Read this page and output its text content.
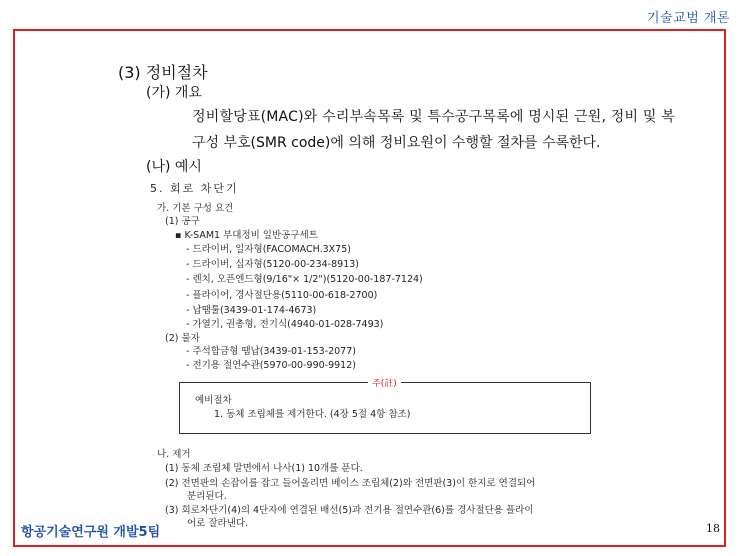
기술교범 개론
(3) 정비절차
(가) 개요
정비할당표(MAC)와 수리부속목록 및 특수공구목록에 명시된 근원, 정비 및 복
구성 부호(SMR code)에 의해 정비요원이 수행할 절차를 수록한다.
(나) 예시
5. 회로 차단기
가. 기본 구성 요건
(1) 공구
▪ K-SAM1 부대정비 일반공구세트
- 드라이버, 일자형(FACOMACH.3X75)
- 드라이버, 십자형(5120-00-234-8913)
- 렌치, 오픈엔드형(9/16"× 1/2")(5120-00-187-7124)
- 플라이어, 경사절단용(5110-00-618-2700)
- 납땜툴(3439-01-174-4673)
- 가열기, 권총형, 전기식(4940-01-028-7493)
(2) 물자
- 주석합금형 땜납(3439-01-153-2077)
- 전기용 절연수관(5970-00-990-9912)
주(註)
예비절차
1. 동체 조립체를 제거한다. (4장 5절 4항 참조)
나. 제거
(1) 동체 조립체 말면에서 나사(1) 10개를 푼다.
(2) 전면판의 손잡이를 잡고 들어올리면 베이스 조립체(2)와 전면판(3)이 한지로 연결되어
분리된다.
(3) 회로차단기(4)의 4단자에 연결된 배선(5)과 전기용 절연수관(6)를 경사절단용 플라이
어로 잘라낸다.
항공기술연구원 개발5팀	18
